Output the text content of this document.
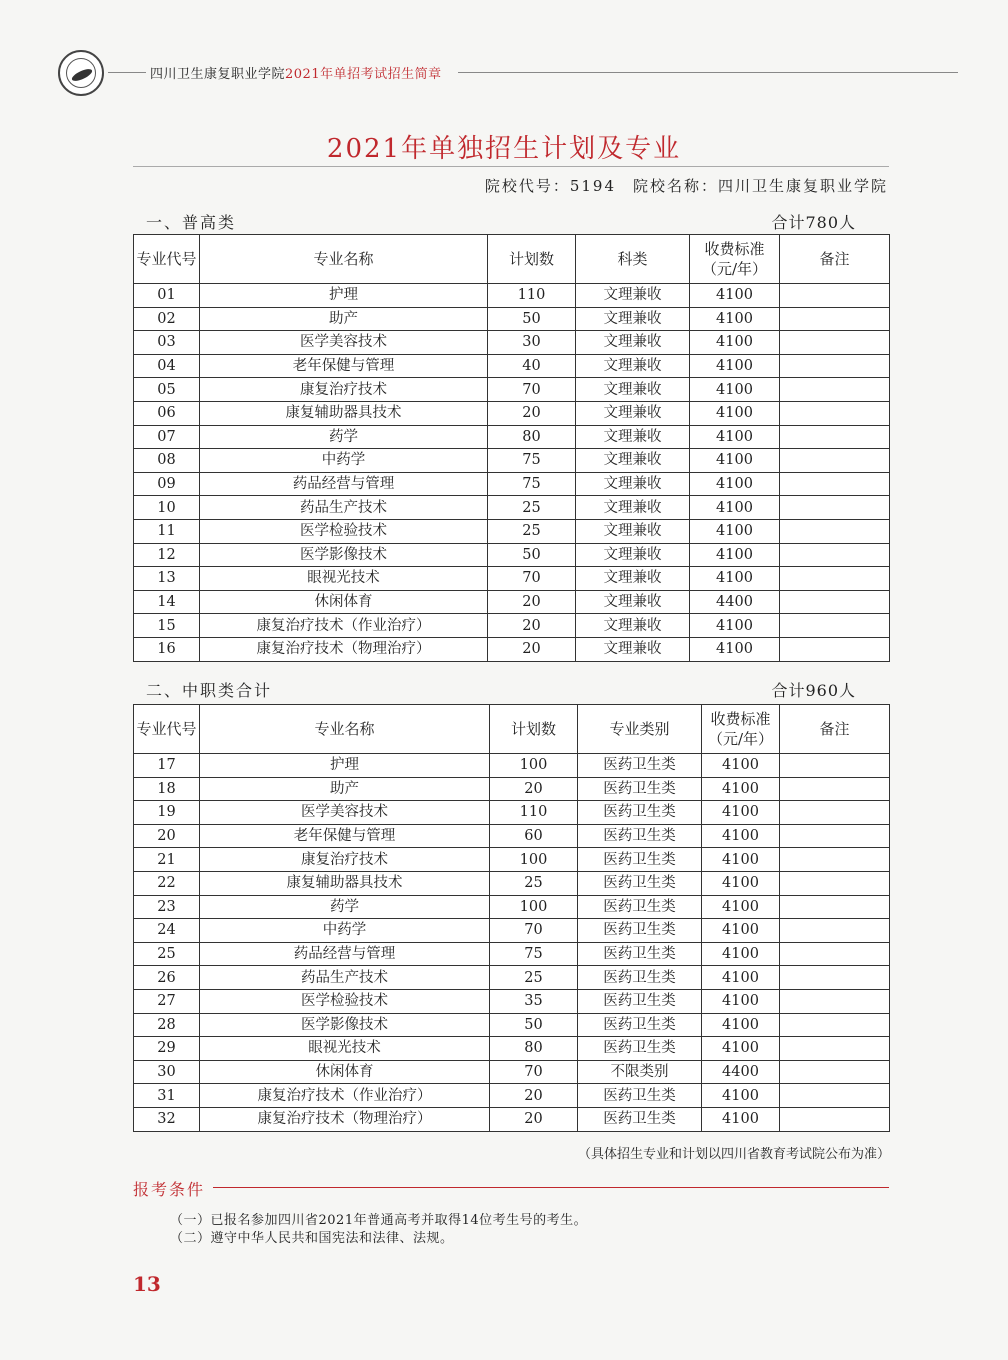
四川卫生康复职业学院2021年单招考试招生简章
2021年单独招生计划及专业
院校代号：5194　院校名称：四川卫生康复职业学院
一、普高类	合计780人
专业代号	专业名称	计划数	科类	收费标准（元/年）	备注
01	护理	110	文理兼收	4100	
02	助产	50	文理兼收	4100	
03	医学美容技术	30	文理兼收	4100	
04	老年保健与管理	40	文理兼收	4100	
05	康复治疗技术	70	文理兼收	4100	
06	康复辅助器具技术	20	文理兼收	4100	
07	药学	80	文理兼收	4100	
08	中药学	75	文理兼收	4100	
09	药品经营与管理	75	文理兼收	4100	
10	药品生产技术	25	文理兼收	4100	
11	医学检验技术	25	文理兼收	4100	
12	医学影像技术	50	文理兼收	4100	
13	眼视光技术	70	文理兼收	4100	
14	休闲体育	20	文理兼收	4400	
15	康复治疗技术（作业治疗）	20	文理兼收	4100	
16	康复治疗技术（物理治疗）	20	文理兼收	4100	
二、中职类合计	合计960人
专业代号	专业名称	计划数	专业类别	收费标准（元/年）	备注
17	护理	100	医药卫生类	4100	
18	助产	20	医药卫生类	4100	
19	医学美容技术	110	医药卫生类	4100	
20	老年保健与管理	60	医药卫生类	4100	
21	康复治疗技术	100	医药卫生类	4100	
22	康复辅助器具技术	25	医药卫生类	4100	
23	药学	100	医药卫生类	4100	
24	中药学	70	医药卫生类	4100	
25	药品经营与管理	75	医药卫生类	4100	
26	药品生产技术	25	医药卫生类	4100	
27	医学检验技术	35	医药卫生类	4100	
28	医学影像技术	50	医药卫生类	4100	
29	眼视光技术	80	医药卫生类	4100	
30	休闲体育	70	不限类别	4400	
31	康复治疗技术（作业治疗）	20	医药卫生类	4100	
32	康复治疗技术（物理治疗）	20	医药卫生类	4100	
（具体招生专业和计划以四川省教育考试院公布为准）
报考条件
（一）已报名参加四川省2021年普通高考并取得14位考生号的考生。
（二）遵守中华人民共和国宪法和法律、法规。
13
